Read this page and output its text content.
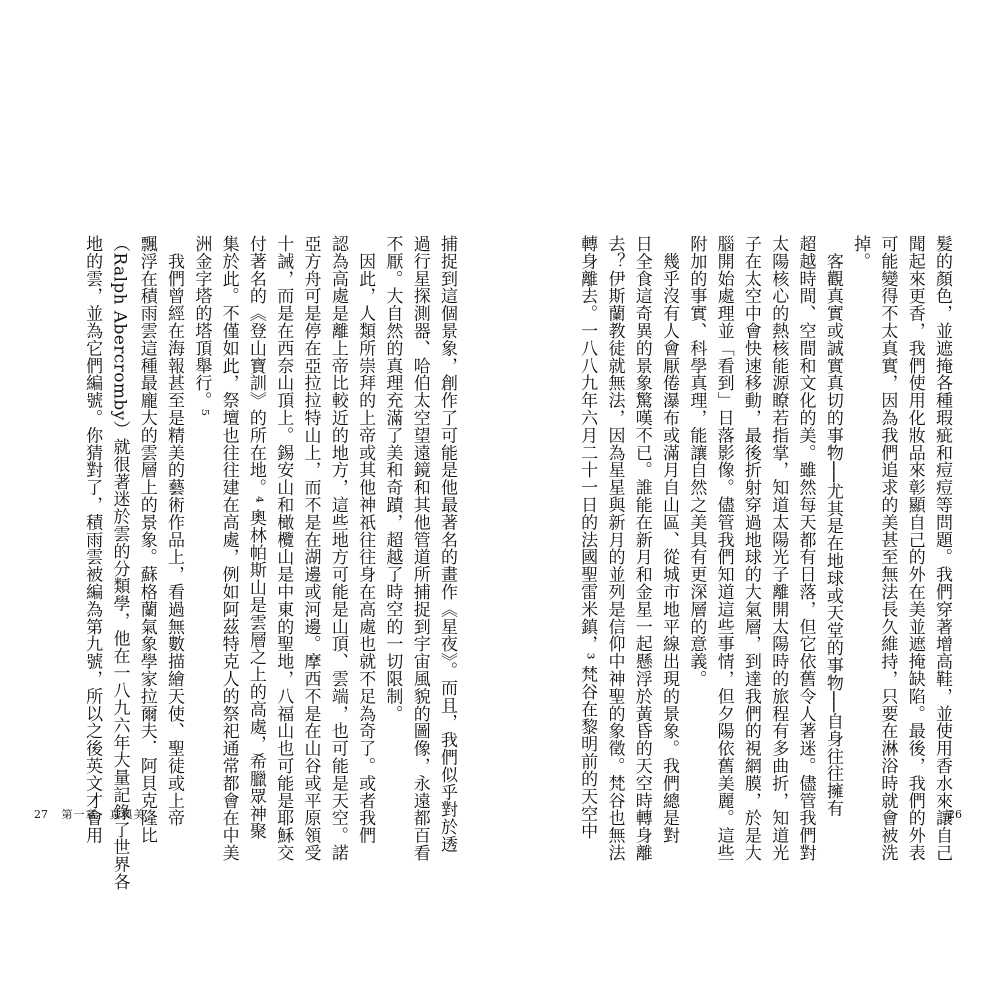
捕捉到這個景象，創作了可能是他最著名的畫作《星夜》。而且，我們似乎對於透
過行星探測器、哈伯太空望遠鏡和其他管道所捕捉到宇宙風貌的圖像，永遠都百看
不厭。大自然的真理充滿了美和奇蹟，超越了時空的一切限制。
　因此，人類所崇拜的上帝或其他神祇往往身在高處也就不足為奇了。或者我們
認為高處是離上帝比較近的地方，這些地方可能是山頂、雲端，也可能是天空。諾
亞方舟可是停在亞拉拉特山上，而不是在湖邊或河邊。摩西不是在山谷或平原領受
十誡，而是在西奈山頂上。錫安山和橄欖山是中東的聖地，八福山也可能是耶穌交
付著名的《登山寶訓》的所在地。⁴ 奧林帕斯山是雲層之上的高處，希臘眾神聚
集於此。不僅如此，祭壇也往往建在高處，例如阿茲特克人的祭祀通常都會在中美
洲金字塔的塔頂舉行。⁵
　我們曾經在海報甚至是精美的藝術作品上，看過無數描繪天使、聖徒或上帝
飄浮在積雨雲這種最龐大的雲層上的景象。蘇格蘭氣象學家拉爾夫．阿貝克隆比
（Ralph Abercromby）就很著迷於雲的分類學，他在一八九六年大量記錄了世界各
地的雲，並為它們編號。你猜對了，積雨雲被編為第九號，所以之後英文才會用
27 第一章　真與美	髮的顏色，並遮掩各種瑕疵和痘痘等問題。我們穿著增高鞋，並使用香水來讓自己
聞起來更香，我們使用化妝品來彰顯自己的外在美並遮掩缺陷。最後，我們的外表
可能變得不太真實，因為我們追求的美甚至無法長久維持，只要在淋浴時就會被洗
掉。
　客觀真實或誠實真切的事物──尤其是在地球或天堂的事物──自身往往擁有
超越時間、空間和文化的美。雖然每天都有日落，但它依舊令人著迷。儘管我們對
太陽核心的熱核能源瞭若指掌，知道太陽光子離開太陽時的旅程有多曲折，知道光
子在太空中會快速移動，最後折射穿過地球的大氣層，到達我們的視網膜，於是大
腦開始處理並「看到」日落影像。儘管我們知道這些事情，但夕陽依舊美麗。這些
附加的事實、科學真理，能讓自然之美具有更深層的意義。
　幾乎沒有人會厭倦瀑布或滿月自山區、從城市地平線出現的景象。我們總是對
日全食這奇異的景象驚嘆不已。誰能在新月和金星一起懸浮於黃昏的天空時轉身離
去？伊斯蘭教徒就無法，因為星星與新月的並列是信仰中神聖的象徵。梵谷也無法
轉身離去。一八八九年六月二十一日的法國聖雷米鎮，³ 梵谷在黎明前的天空中	26
